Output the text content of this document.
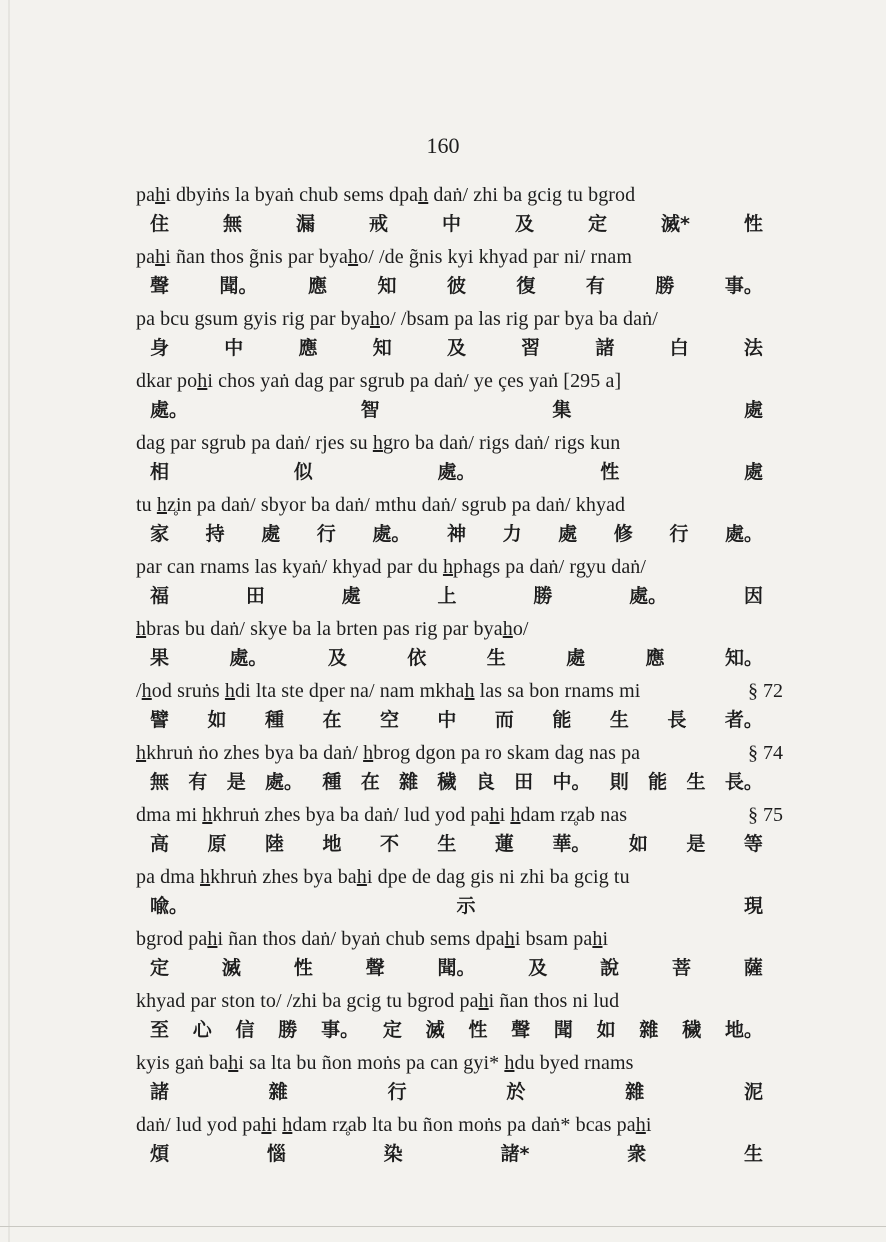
160
pahi dbyiṅs la byaṅ chub sems dpah daṅ/ zhi ba gcig tu bgrod
住	無	漏	戒	中	及	定	滅*	性
pahi ñan thos g̃nis par byaho/ /de g̃nis kyi khyad par ni/ rnam
聲	聞。	應	知	彼	復	有	勝	事。
pa bcu gsum gyis rig par byaho/ /bsam pa las rig par bya ba daṅ/
身	中	應	知	及	習	諸	白	法
dkar pohi chos yaṅ dag par sgrub pa daṅ/ ye çes yaṅ [295 a]
處。	智	集	處
dag par sgrub pa daṅ/ rjes su hgro ba daṅ/ rigs daṅ/ rigs kun
相	似	處。	性	處
tu hz̥in pa daṅ/ sbyor ba daṅ/ mthu daṅ/ sgrub pa daṅ/ khyad
家 持 處 行 處。 神 力 處 修 行 處。
par can rnams las kyaṅ/ khyad par du hphags pa daṅ/ rgyu daṅ/
福	田	處	上	勝	處。	因
hbras bu daṅ/ skye ba la brten pas rig par byaho/
果	處。	及	依	生	處	應	知。
/hod sruṅs hdi lta ste dper na/ nam mkhah las sa bon rnams mi	§ 72
譬 如 種 在 空 中 而 能 生 長 者。
hkhruṅ ṅo zhes bya ba daṅ/ hbrog dgon pa ro skam dag nas pa	§ 74
無 有 是 處。 種 在 雜 穢 良 田 中。 則 能 生 長。
dma mi hkhruṅ zhes bya ba daṅ/ lud yod pahi hdam rz̥ab nas	§ 75
高 原 陸 地 不 生 蓮 華。 如 是 等
pa dma hkhruṅ zhes bya bahi dpe de dag gis ni zhi ba gcig tu
喩。	示	現
bgrod pahi ñan thos daṅ/ byaṅ chub sems dpahi bsam pahi
定	滅	性	聲	聞。	及	說	菩	薩
khyad par ston to/ /zhi ba gcig tu bgrod pahi ñan thos ni lud
至 心 信 勝 事。 定 滅 性 聲 聞 如 雜 穢 地。
kyis gaṅ bahi sa lta bu ñon moṅs pa can gyi* hdu byed rnams
諸	雜	行	於	雜	泥
daṅ/ lud yod pahi hdam rz̥ab lta bu ñon moṅs pa daṅ* bcas pahi
煩	惱	染	諸*	衆	生
